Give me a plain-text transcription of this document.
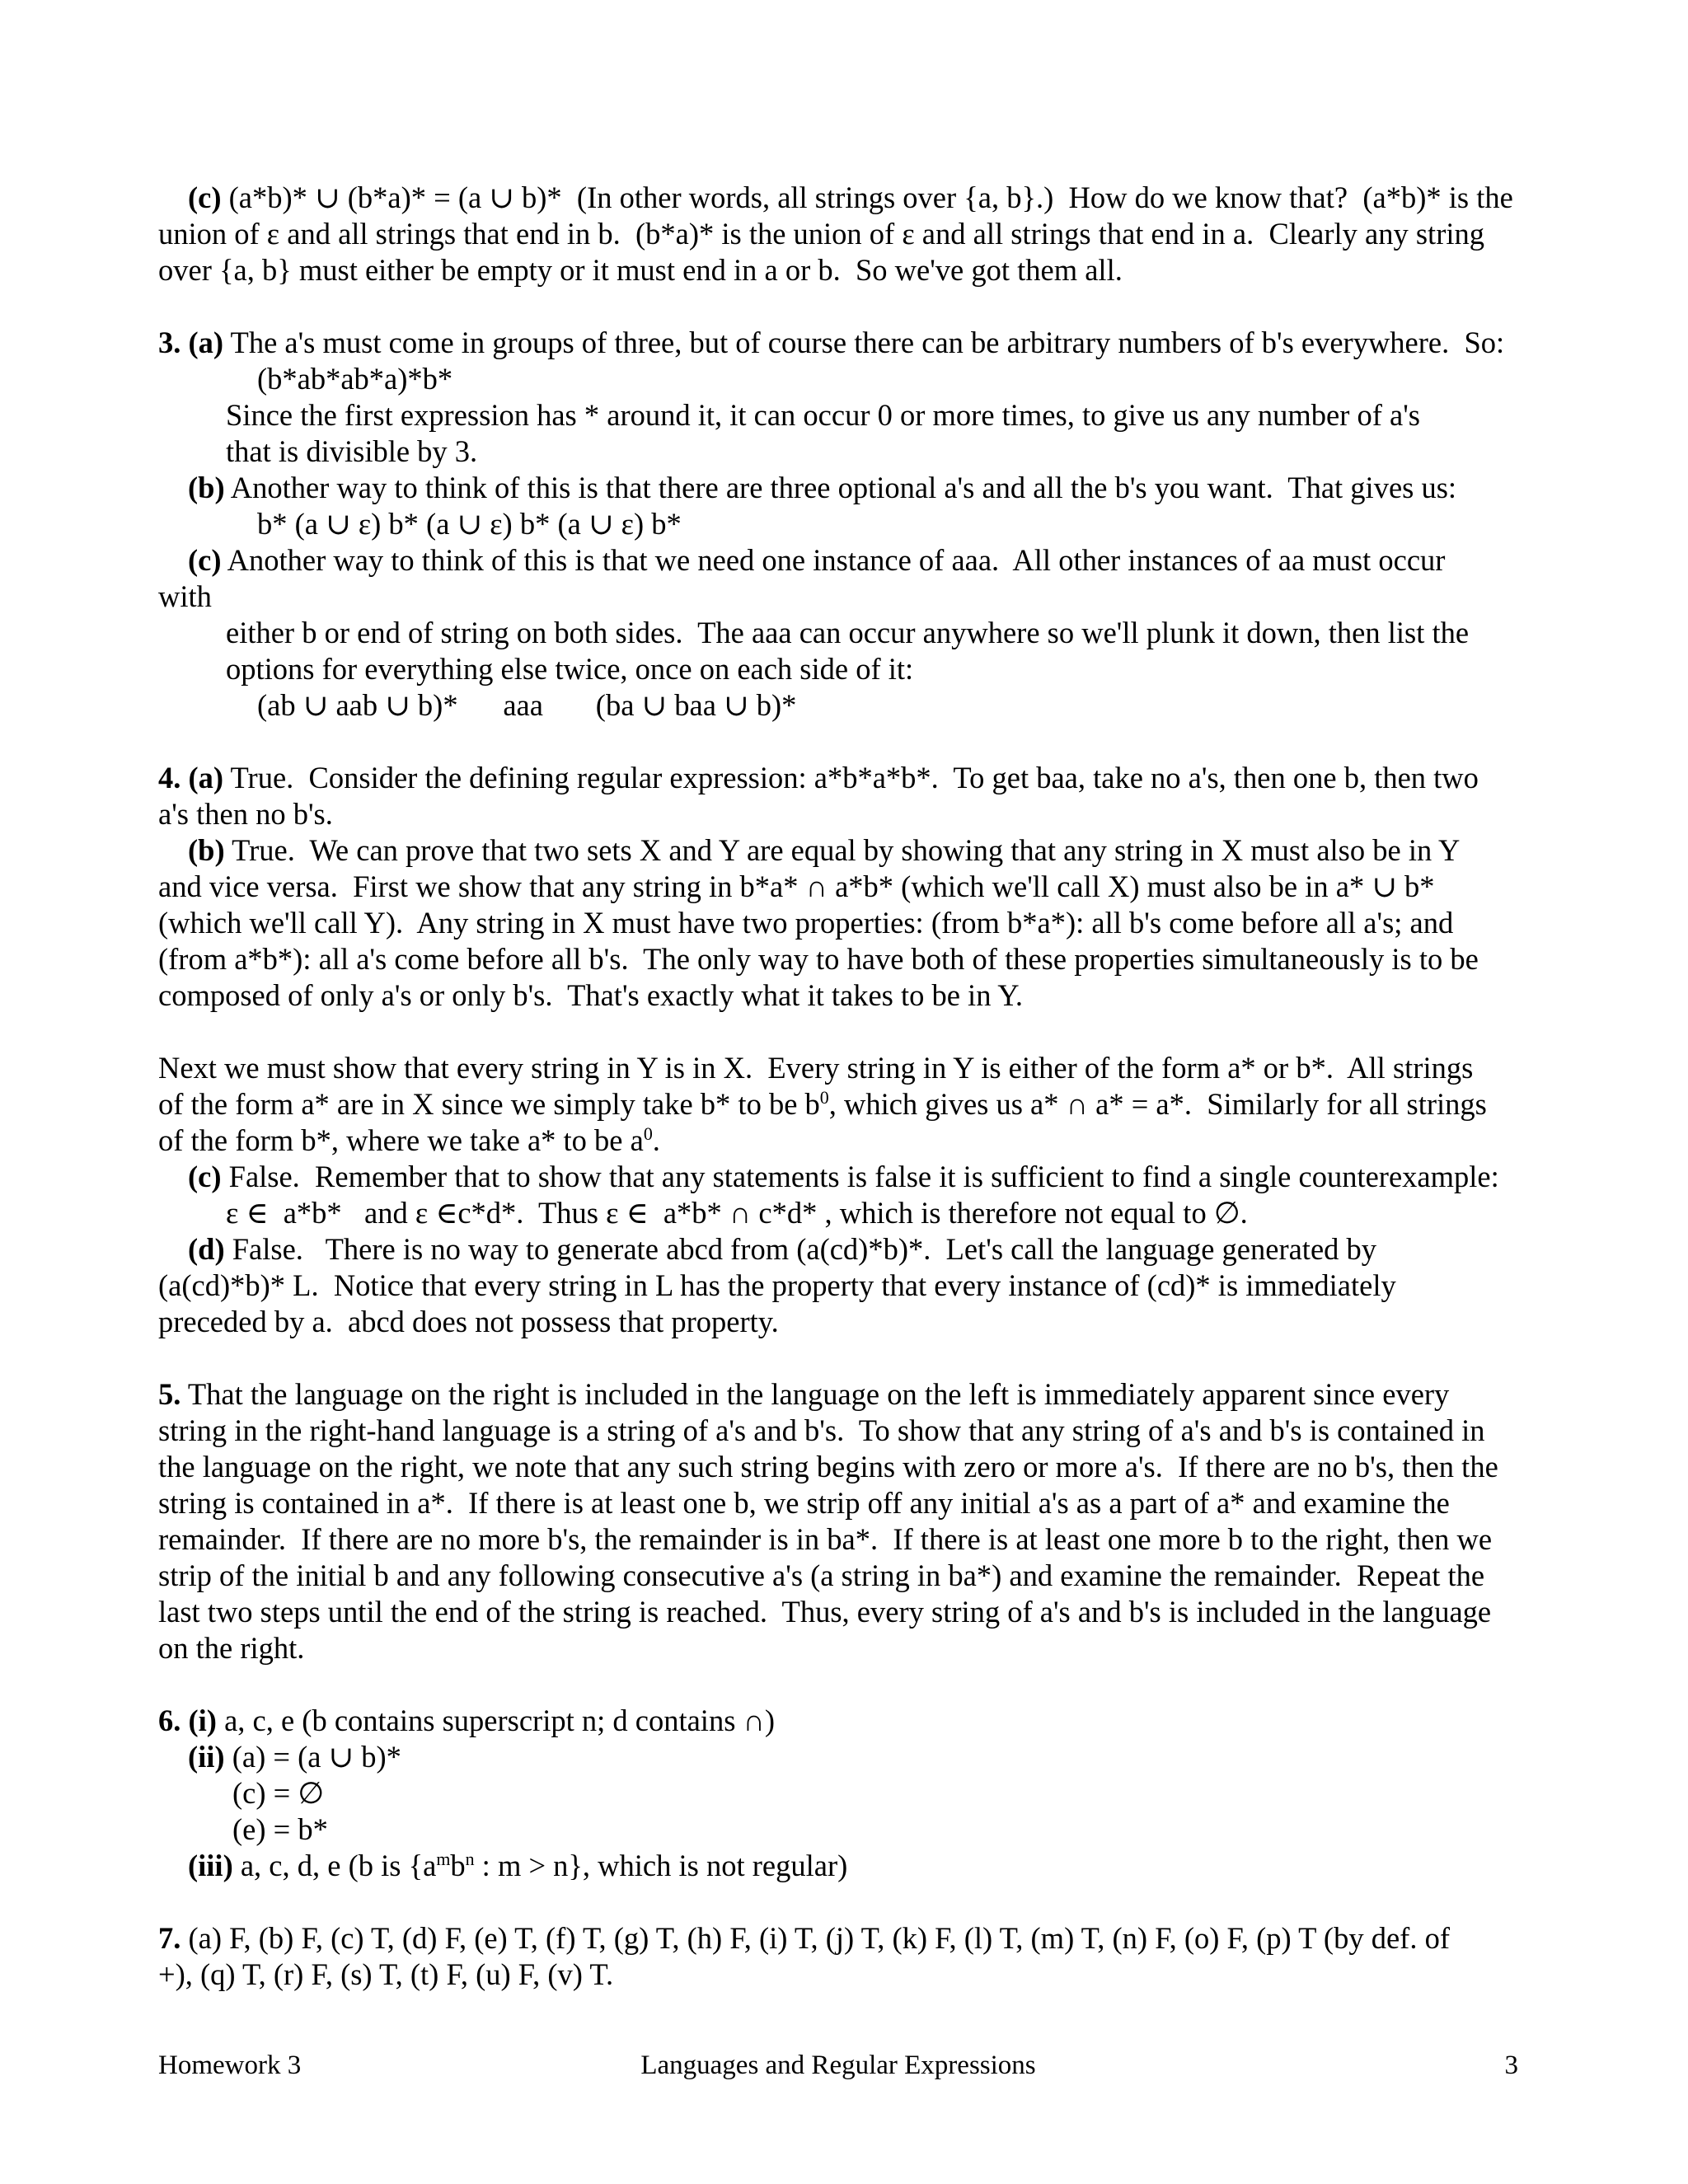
(c) (a*b)* ∪ (b*a)* = (a ∪ b)*  (In other words, all strings over {a, b}.)  How do we know that?  (a*b)* is the

union of ε and all strings that end in b.  (b*a)* is the union of ε and all strings that end in a.  Clearly any string

over {a, b} must either be empty or it must end in a or b.  So we've got them all.

3. (a) The a's must come in groups of three, but of course there can be arbitrary numbers of b's everywhere.  So:

(b*ab*ab*a)*b*

Since the first expression has * around it, it can occur 0 or more times, to give us any number of a's

that is divisible by 3.

(b) Another way to think of this is that there are three optional a's and all the b's you want.  That gives us:

b* (a ∪ ε) b* (a ∪ ε) b* (a ∪ ε) b*

(c) Another way to think of this is that we need one instance of aaa.  All other instances of aa must occur

with

either b or end of string on both sides.  The aaa can occur anywhere so we'll plunk it down, then list the

options for everything else twice, once on each side of it:

(ab ∪ aab ∪ b)*      aaa       (ba ∪ baa ∪ b)*

4. (a) True.  Consider the defining regular expression: a*b*a*b*.  To get baa, take no a's, then one b, then two

a's then no b's.

(b) True.  We can prove that two sets X and Y are equal by showing that any string in X must also be in Y

and vice versa.  First we show that any string in b*a* ∩ a*b* (which we'll call X) must also be in a* ∪ b*

(which we'll call Y).  Any string in X must have two properties: (from b*a*): all b's come before all a's; and

(from a*b*): all a's come before all b's.  The only way to have both of these properties simultaneously is to be

composed of only a's or only b's.  That's exactly what it takes to be in Y.

Next we must show that every string in Y is in X.  Every string in Y is either of the form a* or b*.  All strings

of the form a* are in X since we simply take b* to be $b^0$, which gives us a* ∩ a* = a*.  Similarly for all strings

of the form b*, where we take a* to be $a^0$.

(c) False.  Remember that to show that any statements is false it is sufficient to find a single counterexample:

ε ∈  a*b*   and ε ∈c*d*.  Thus ε ∈  a*b* ∩ c*d* , which is therefore not equal to ∅.

(d) False.   There is no way to generate abcd from (a(cd)*b)*.  Let's call the language generated by

(a(cd)*b)* L.  Notice that every string in L has the property that every instance of (cd)* is immediately

preceded by a.  abcd does not possess that property.

5. That the language on the right is included in the language on the left is immediately apparent since every

string in the right-hand language is a string of a's and b's.  To show that any string of a's and b's is contained in

the language on the right, we note that any such string begins with zero or more a's.  If there are no b's, then the

string is contained in a*.  If there is at least one b, we strip off any initial a's as a part of a* and examine the

remainder.  If there are no more b's, the remainder is in ba*.  If there is at least one more b to the right, then we

strip of the initial b and any following consecutive a's (a string in ba*) and examine the remainder.  Repeat the

last two steps until the end of the string is reached.  Thus, every string of a's and b's is included in the language

on the right.

6. (i) a, c, e (b contains superscript n; d contains ∩)

(ii) (a) = (a ∪ b)*

(c) = ∅

(e) = b*

(iii) a, c, d, e (b is {$a^mb^n$ : m > n}, which is not regular)

7. (a) F, (b) F, (c) T, (d) F, (e) T, (f) T, (g) T, (h) F, (i) T, (j) T, (k) F, (l) T, (m) T, (n) F, (o) F, (p) T (by def. of

+), (q) T, (r) F, (s) T, (t) F, (u) F, (v) T.

Homework 3	Languages and Regular Expressions	3
